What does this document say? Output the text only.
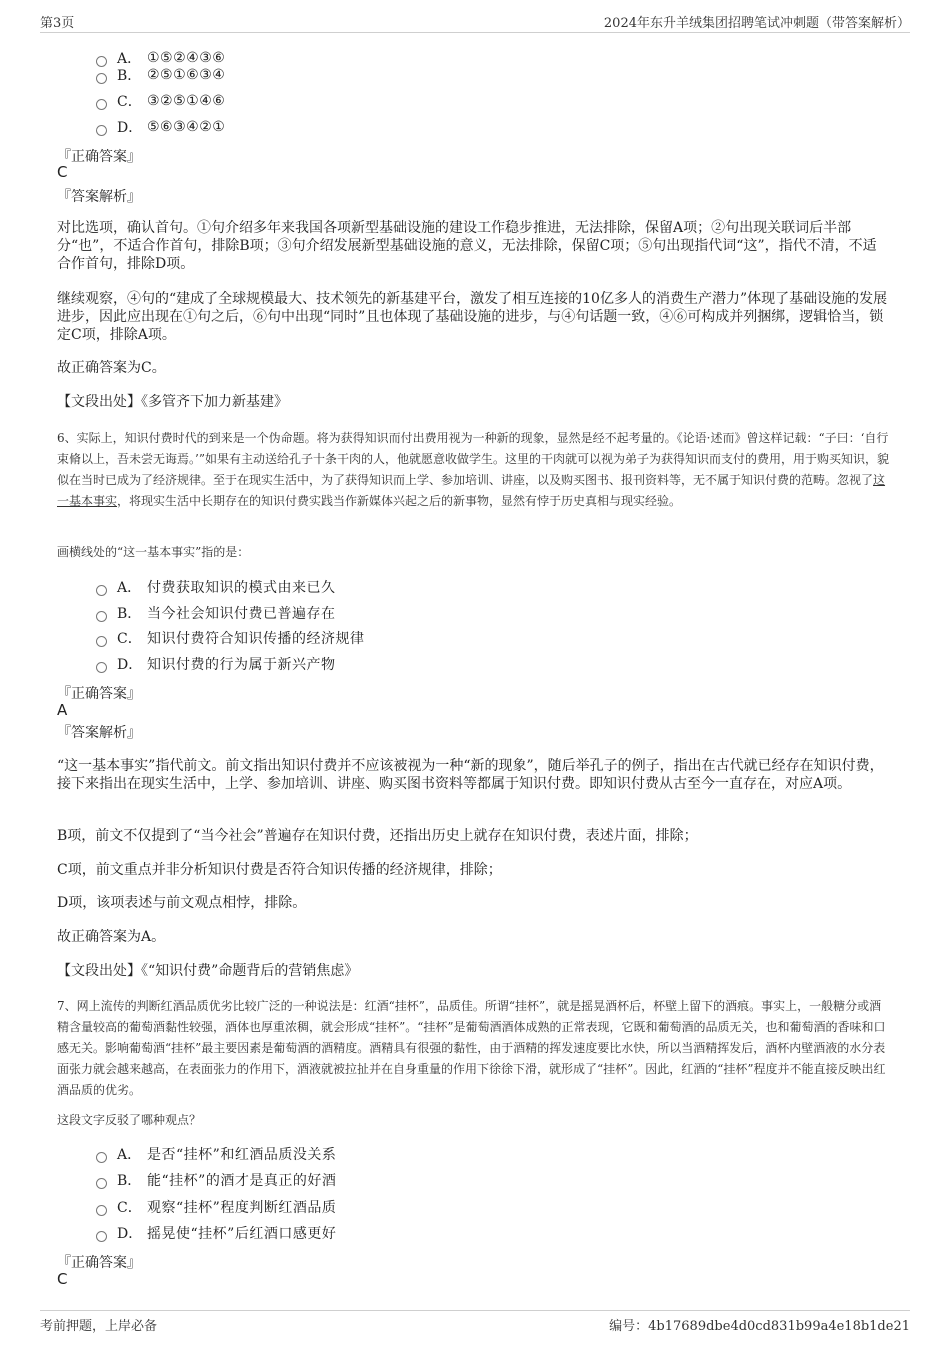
第3页	2024年东升羊绒集团招聘笔试冲刺题（带答案解析）
A． ①⑤②④③⑥
B． ②⑤①⑥③④
C． ③②⑤①④⑥
D． ⑤⑥③④②①
『正确答案』
C
『答案解析』
对比选项，确认首句。①句介绍多年来我国各项新型基础设施的建设工作稳步推进，无法排除，保留A项；②句出现关联词后半部分“也”，不适合作首句，排除B项；③句介绍发展新型基础设施的意义，无法排除，保留C项；⑤句出现指代词“这”，指代不清，不适合作首句，排除D项。
继续观察，④句的“建成了全球规模最大、技术领先的新基建平台，激发了相互连接的10亿多人的消费生产潜力”体现了基础设施的发展进步，因此应出现在①句之后，⑥句中出现“同时”且也体现了基础设施的进步，与④句话题一致，④⑥可构成并列捆绑，逻辑恰当，锁定C项，排除A项。
故正确答案为C。
【文段出处】《多管齐下加力新基建》
6、实际上，知识付费时代的到来是一个伪命题。将为获得知识而付出费用视为一种新的现象，显然是经不起考量的。《论语·述而》曾这样记载：“子曰：‘自行束脩以上，吾未尝无诲焉。’”如果有主动送给孔子十条干肉的人，他就愿意收做学生。这里的干肉就可以视为弟子为获得知识而支付的费用，用于购买知识，貌似在当时已成为了经济规律。至于在现实生活中，为了获得知识而上学、参加培训、讲座，以及购买图书、报刊资料等，无不属于知识付费的范畴。忽视了这一基本事实，将现实生活中长期存在的知识付费实践当作新媒体兴起之后的新事物，显然有悖于历史真相与现实经验。
画横线处的“这一基本事实”指的是：
A． 付费获取知识的模式由来已久
B． 当今社会知识付费已普遍存在
C． 知识付费符合知识传播的经济规律
D． 知识付费的行为属于新兴产物
『正确答案』
A
『答案解析』
“这一基本事实”指代前文。前文指出知识付费并不应该被视为一种“新的现象”，随后举孔子的例子，指出在古代就已经存在知识付费，接下来指出在现实生活中，上学、参加培训、讲座、购买图书资料等都属于知识付费。即知识付费从古至今一直存在，对应A项。
B项，前文不仅提到了“当今社会”普遍存在知识付费，还指出历史上就存在知识付费，表述片面，排除；
C项，前文重点并非分析知识付费是否符合知识传播的经济规律，排除；
D项，该项表述与前文观点相悖，排除。
故正确答案为A。
【文段出处】《“知识付费”命题背后的营销焦虑》
7、网上流传的判断红酒品质优劣比较广泛的一种说法是：红酒“挂杯”，品质佳。所谓“挂杯”，就是摇晃酒杯后，杯壁上留下的酒痕。事实上，一般糖分或酒精含量较高的葡萄酒黏性较强，酒体也厚重浓稠，就会形成“挂杯”。“挂杯”是葡萄酒酒体成熟的正常表现，它既和葡萄酒的品质无关，也和葡萄酒的香味和口感无关。影响葡萄酒“挂杯”最主要因素是葡萄酒的酒精度。酒精具有很强的黏性，由于酒精的挥发速度要比水快，所以当酒精挥发后，酒杯内壁酒液的水分表面张力就会越来越高，在表面张力的作用下，酒液就被拉扯并在自身重量的作用下徐徐下滑，就形成了“挂杯”。因此，红酒的“挂杯”程度并不能直接反映出红酒品质的优劣。
这段文字反驳了哪种观点？
A． 是否“挂杯”和红酒品质没关系
B． 能“挂杯”的酒才是真正的好酒
C． 观察“挂杯”程度判断红酒品质
D． 摇晃使“挂杯”后红酒口感更好
『正确答案』
C
考前押题，上岸必备	编号：4b17689dbe4d0cd831b99a4e18b1de21
